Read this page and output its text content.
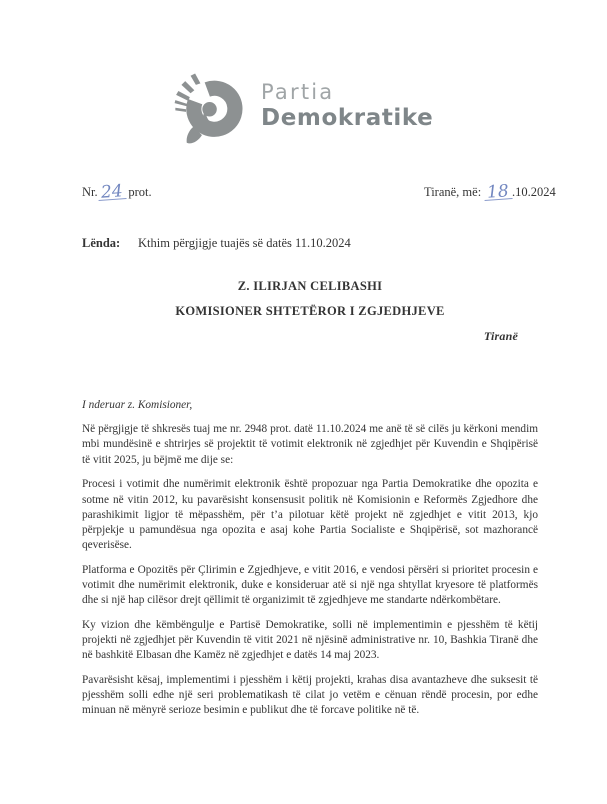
Partia
Demokratike
Nr. 24 prot.	Tiranë, më: 18 .10.2024
Lënda: Kthim përgjigje tuajës së datës 11.10.2024
Z. ILIRJAN CELIBASHI
KOMISIONER SHTETËROR I ZGJEDHJEVE
Tiranë

I nderuar z. Komisioner,

Në përgjigje të shkresës tuaj me nr. 2948 prot. datë 11.10.2024 me anë të së cilës ju kërkoni mendim mbi mundësinë e shtrirjes së projektit të votimit elektronik në zgjedhjet për Kuvendin e Shqipërisë të vitit 2025, ju bëjmë me dije se:

Procesi i votimit dhe numërimit elektronik është propozuar nga Partia Demokratike dhe opozita e sotme në vitin 2012, ku pavarësisht konsensusit politik në Komisionin e Reformës Zgjedhore dhe parashikimit ligjor të mëpasshëm, për t’a pilotuar këtë projekt në zgjedhjet e vitit 2013, kjo përpjekje u pamundësua nga opozita e asaj kohe Partia Socialiste e Shqipërisë, sot mazhorancë qeverisëse.

Platforma e Opozitës për Çlirimin e Zgjedhjeve, e vitit 2016, e vendosi përsëri si prioritet procesin e votimit dhe numërimit elektronik, duke e konsideruar atë si një nga shtyllat kryesore të platformës dhe si një hap cilësor drejt qëllimit të organizimit të zgjedhjeve me standarte ndërkombëtare.

Ky vizion dhe këmbëngulje e Partisë Demokratike, solli në implementimin e pjesshëm të këtij projekti në zgjedhjet për Kuvendin të vitit 2021 në njësinë administrative nr. 10, Bashkia Tiranë dhe në bashkitë Elbasan dhe Kamëz në zgjedhjet e datës 14 maj 2023.

Pavarësisht kësaj, implementimi i pjesshëm i këtij projekti, krahas disa avantazheve dhe suksesit të pjesshëm solli edhe një seri problematikash të cilat jo vetëm e cënuan rëndë procesin, por edhe minuan në mënyrë serioze besimin e publikut dhe të forcave politike në të.
